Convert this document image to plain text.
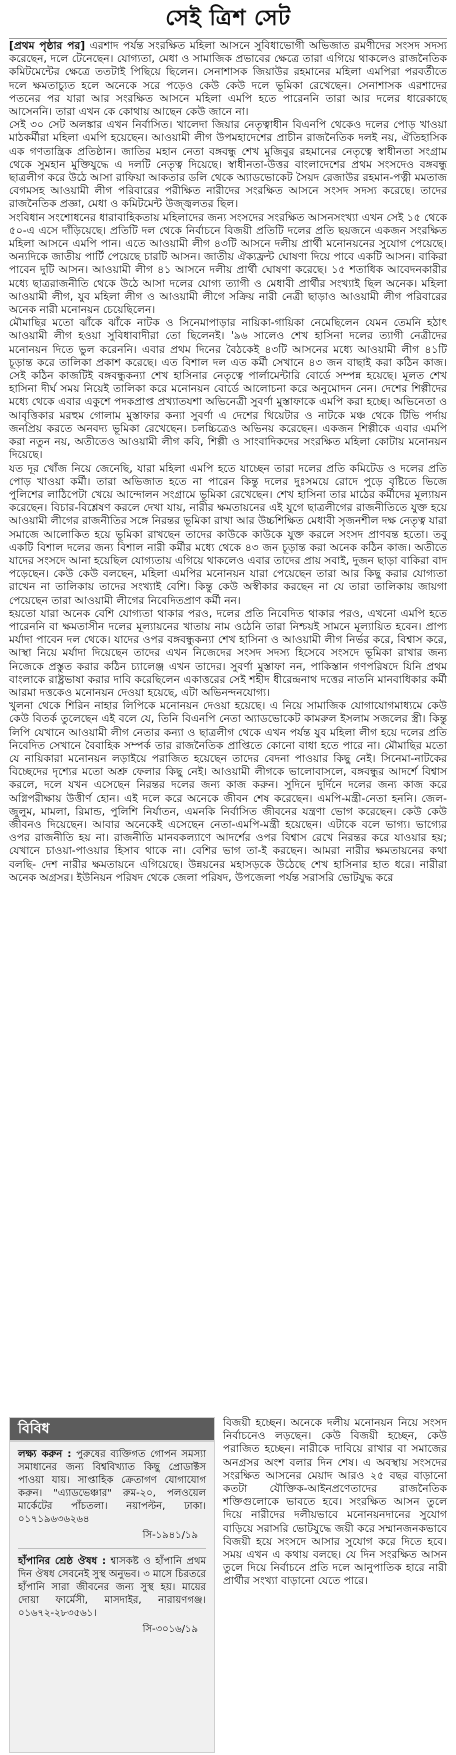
সেই ত্রিশ সেট

[প্রথম পৃষ্ঠার পর] এরশাদ পর্যন্ত সংরক্ষিত মহিলা আসনে সুবিধাভোগী অভিজাত রমণীদের সংসদ সদস্য করেছেন, দলে টেনেছেন। যোগ্যতা, মেধা ও সামাজিক প্রভাবের ক্ষেত্রে তারা এগিয়ে থাকলেও রাজনৈতিক কমিটমেন্টের ক্ষেত্রে ততটাই পিছিয়ে ছিলেন। সেনাশাসক জিয়াউর রহমানের মহিলা এমপিরা পরবর্তীতে দলে ক্ষমতাচ্যুত হলে অনেকে সরে পড়েও কেউ কেউ দলে ভূমিকা রেখেছেন। সেনাশাসক এরশাদের পতনের পর যারা আর সংরক্ষিত আসনে মহিলা এমপি হতে পারেননি তারা আর দলের ধারেকাছে আসেননি। তারা এখন কে কোথায় আছেন কেউ জানে না।

সেই ৩০ সেট অলঙ্কার এখন নির্বাসিত। খালেদা জিয়ার নেতৃত্বাধীন বিএনপি থেকেও দলের পোড় খাওয়া মাঠকর্মীরা মহিলা এমপি হয়েছেন। আওয়ামী লীগ উপমহাদেশের প্রাচীন রাজনৈতিক দলই নয়, ঐতিহাসিক এক গণতান্ত্রিক প্রতিষ্ঠান। জাতির মহান নেতা বঙ্গবন্ধু শেখ মুজিবুর রহমানের নেতৃত্বে স্বাধীনতা সংগ্রাম থেকে সুমহান মুক্তিযুদ্ধে এ দলটি নেতৃত্ব দিয়েছে। স্বাধীনতা-উত্তর বাংলাদেশের প্রথম সংসদেও বঙ্গবন্ধু ছাত্রলীগ করে উঠে আসা রাফিয়া আকতার ডলি থেকে অ্যাডভোকেট সৈয়দ রেজাউর রহমান-পত্নী মমতাজ বেগমসহ আওয়ামী লীগ পরিবারের পরীক্ষিত নারীদের সংরক্ষিত আসনে সংসদ সদস্য করেছে। তাদের রাজনৈতিক প্রজ্ঞা, মেধা ও কমিটমেন্ট উজ্জ্বলতর ছিল।

সংবিধান সংশোধনের ধারাবাহিকতায় মহিলাদের জন্য সংসদের সংরক্ষিত আসনসংখ্যা এখন সেই ১৫ থেকে ৫০-এ এসে দাঁড়িয়েছে। প্রতিটি দল থেকে নির্বাচনে বিজয়ী প্রতিটি দলের প্রতি ছয়জনে একজন সংরক্ষিত মহিলা আসনে এমপি পান। এতে আওয়ামী লীগ ৪৩টি আসনে দলীয় প্রার্থী মনোনয়নের সুযোগ পেয়েছে। অন্যদিকে জাতীয় পার্টি পেয়েছে চারটি আসন। জাতীয় ঐক্যফ্রন্ট ঘোষণা দিয়ে পাবে একটি আসন। বাকিরা পাবেন দুটি আসন। আওয়ামী লীগ ৪১ আসনে দলীয় প্রার্থী ঘোষণা করেছে। ১৫ শতাধিক আবেদনকারীর মধ্যে ছাত্ররাজনীতি থেকে উঠে আসা দলের যোগ্য ত্যাগী ও মেধাবী প্রার্থীর সংখ্যাই ছিল অনেক। মহিলা আওয়ামী লীগ, যুব মহিলা লীগ ও আওয়ামী লীগে সক্রিয় নারী নেত্রী ছাড়াও আওয়ামী লীগ পরিবারের অনেক নারী মনোনয়ন চেয়েছিলেন।

মৌমাছির মতো ঝাঁকে ঝাঁকে নাটক ও সিনেমাপাড়ার নায়িকা-গায়িকা নেমেছিলেন যেমন তেমনি হঠাৎ আওয়ামী লীগ হওয়া সুবিধাবাদীরা তো ছিলেনই। '৯৬ সালেও শেখ হাসিনা দলের ত্যাগী নেত্রীদের মনোনয়ন দিতে ভুল করেননি। এবার প্রথম দিনের বৈঠকেই ৪৩টি আসনের মধ্যে আওয়ামী লীগ ৪১টি চূড়ান্ত করে তালিকা প্রকাশ করেছে। এত বিশাল দল এত কর্মী সেখানে ৪৩ জন বাছাই করা কঠিন কাজ। সেই কঠিন কাজটিই বঙ্গবন্ধুকন্যা শেখ হাসিনার নেতৃত্বে পার্লামেন্টারি বোর্ডে সম্পন্ন হয়েছে। মূলত শেখ হাসিনা দীর্ঘ সময় নিয়েই তালিকা করে মনোনয়ন বোর্ডে আলোচনা করে অনুমোদন নেন। দেশের শিল্পীদের মধ্যে থেকে এবার একুশে পদকপ্রাপ্ত প্রখ্যাতযশা অভিনেত্রী সুবর্ণা মুস্তাফাকে এমপি করা হচ্ছে। অভিনেতা ও আবৃত্তিকার মরহুম গোলাম মুস্তাফার কন্যা সুবর্ণা এ দেশের থিয়েটার ও নাটকে মঞ্চ থেকে টিভি পর্দায় জনপ্রিয় করতে অনবদ্য ভূমিকা রেখেছেন। চলচ্চিত্রেও অভিনয় করেছেন। একজন শিল্পীকে এবার এমপি করা নতুন নয়, অতীতেও আওয়ামী লীগ কবি, শিল্পী ও সাংবাদিকদের সংরক্ষিত মহিলা কোটায় মনোনয়ন দিয়েছে।

যত দূর খোঁজ নিয়ে জেনেছি, যারা মহিলা এমপি হতে যাচ্ছেন তারা দলের প্রতি কমিটেড ও দলের প্রতি পোড় খাওয়া কর্মী। তারা অভিজাত হতে না পারেন কিন্তু দলের দুঃসময়ে রোদে পুড়ে বৃষ্টিতে ভিজে পুলিশের লাঠিপেটা খেয়ে আন্দোলন সংগ্রামে ভূমিকা রেখেছেন। শেখ হাসিনা তার মাঠের কর্মীদের মূল্যায়ন করেছেন। বিচার-বিশ্লেষণ করলে দেখা যায়, নারীর ক্ষমতায়নের এই যুগে ছাত্রলীগের রাজনীতিতে যুক্ত হয়ে আওয়ামী লীগের রাজনীতির সঙ্গে নিরন্তর ভূমিকা রাখা আর উচ্চশিক্ষিত মেধাবী সৃজনশীল দক্ষ নেতৃত্ব যারা সমাজে আলোকিত হয়ে ভূমিকা রাখছেন তাদের কাউকে কাউকে যুক্ত করলে সংসদ প্রাণবন্ত হতো। তবু একটি বিশাল দলের জন্য বিশাল নারী কর্মীর মধ্যে থেকে ৪৩ জন চূড়ান্ত করা অনেক কঠিন কাজ। অতীতে যাদের সংসদে আনা হয়েছিল যোগ্যতায় এগিয়ে থাকলেও এবার তাদের প্রায় সবাই, দুজন ছাড়া বাকিরা বাদ পড়েছেন। কেউ কেউ বলছেন, মহিলা এমপির মনোনয়ন যারা পেয়েছেন তারা আর কিছু করার যোগ্যতা রাখেন না তালিকায় তাদের সংখ্যাই বেশি। কিন্তু কেউ অস্বীকার করছেন না যে তারা তালিকায় জায়গা পেয়েছেন তারা আওয়ামী লীগের নিবেদিতপ্রাণ কর্মী নন।

হয়তো যারা অনেক বেশি যোগ্যতা থাকার পরও, দলের প্রতি নিবেদিত থাকার পরও, এখনো এমপি হতে পারেননি বা ক্ষমতাসীন দলের মূল্যায়নের খাতায় নাম ওঠেনি তারা নিশ্চয়ই সামনে মূল্যায়িত হবেন। প্রাপ্য মর্যাদা পাবেন দল থেকে। যাদের ওপর বঙ্গবন্ধুকন্যা শেখ হাসিনা ও আওয়ামী লীগ নির্ভর করে, বিশ্বাস করে, আস্থা নিয়ে মর্যাদা দিয়েছেন তাদের এখন নিজেদের সংসদ সদস্য হিসেবে সংসদে ভূমিকা রাখার জন্য নিজেকে প্রস্তুত করার কঠিন চ্যালেঞ্জ এখন তাদের। সুবর্ণা মুস্তাফা নন, পাকিস্তান গণপরিষদে যিনি প্রথম বাংলাকে রাষ্ট্রভাষা করার দাবি করেছিলেন একাত্তরের সেই শহীদ ধীরেন্দ্রনাথ দত্তের নাতনি মানবাধিকার কর্মী আরমা দত্তকেও মনোনয়ন দেওয়া হয়েছে, এটা অভিনন্দনযোগ্য।

খুলনা থেকে শিরিন নাহার লিপিকে মনোনয়ন দেওয়া হয়েছে। এ নিয়ে সামাজিক যোগাযোগমাধ্যমে কেউ কেউ বিতর্ক তুলেছেন এই বলে যে, তিনি বিএনপি নেতা অ্যাডভোকেট কামরুল ইসলাম সজলের স্ত্রী। কিন্তু লিপি যেখানে আওয়ামী লীগ নেতার কন্যা ও ছাত্রলীগ থেকে এখন পর্যন্ত যুব মহিলা লীগ হয়ে দলের প্রতি নিবেদিত সেখানে বৈবাহিক সম্পর্ক তার রাজনৈতিক প্রাপ্তিতে কোনো বাধা হতে পারে না। মৌমাছির মতো যে নায়িকারা মনোনয়ন লড়াইয়ে পরাজিত হয়েছেন তাদের বেদনা পাওয়ার কিছু নেই। সিনেমা-নাটকের বিচ্ছেদের দৃশ্যের মতো অশ্রু ফেলার কিছু নেই। আওয়ামী লীগকে ভালোবাসলে, বঙ্গবন্ধুর আদর্শে বিশ্বাস করলে, দলে যখন এসেছেন নিরন্তর দলের জন্য কাজ করুন। সুদিনে দুর্দিনে দলের জন্য কাজ করে অগ্নিপরীক্ষায় উত্তীর্ণ হোন। এই দলে করে অনেকে জীবন শেষ করেছেন। এমপি-মন্ত্রী-নেতা হননি। জেল-জুলুম, মামলা, রিমান্ড, পুলিশি নির্যাতন, এমনকি নির্বাসিত জীবনের যন্ত্রণা ভোগ করেছেন। কেউ কেউ জীবনও দিয়েছেন। আবার অনেকেই এসেছেন নেতা-এমপি-মন্ত্রী হয়েছেন। এটাকে বলে ভাগ্য। ভাগ্যের ওপর রাজনীতি হয় না। রাজনীতি মানবকল্যাণে আদর্শের ওপর বিশ্বাস রেখে নিরন্তর করে যাওয়ার হয়; যেখানে চাওয়া-পাওয়ার হিসাব থাকে না। বেশির ভাগ তা-ই করছেন। আমরা নারীর ক্ষমতায়নের কথা বলছি- দেশ নারীর ক্ষমতায়নে এগিয়েছে। উন্নয়নের মহাসড়কে উঠেছে শেখ হাসিনার হাত ধরে। নারীরা অনেক অগ্রসর। ইউনিয়ন পরিষদ থেকে জেলা পরিষদ, উপজেলা পর্যন্ত সরাসরি ভোটযুদ্ধ করে

বিবিধ
লক্ষ্য করুন : পুরুষের ব্যক্তিগত গোপন সমস্যা সমাধানের জন্য বিশ্ববিখ্যাত কিছু প্রোডাক্টস পাওয়া যায়। সাপ্তাহিক ক্রেতাগণ যোগাযোগ করুন। "এ্যাডভেঞ্চার" রুম-২০, পলওয়েল মার্কেটের পাঁচতলা। নয়াপল্টন, ঢাকা। ০১৭১৯৬৩৬২৬৪
সি-১৯৪১/১৯
হাঁপানির শ্রেষ্ঠ ঔষধ : শ্বাসকষ্ট ও হাঁপানি প্রথম দিন ঔষধ সেবনেই সুস্থ অনুভব। ৩ মাসে চিরতরে হাঁপানি সারা জীবনের জন্য সুস্থ হয়। মায়ের দোয়া ফার্মেসী, মাসদাইর, নারায়ণগঞ্জ। ০১৬৭২-২৮৩৫৬১।
সি-৩০১৬/১৯
বিজয়ী হচ্ছেন। অনেকে দলীয় মনোনয়ন নিয়ে সংসদ নির্বাচনেও লড়ছেন। কেউ বিজয়ী হচ্ছেন, কেউ পরাজিত হচ্ছেন। নারীকে দাবিয়ে রাখার বা সমাজের অনগ্রসর অংশ বলার দিন শেষ। এ অবস্থায় সংসদের সংরক্ষিত আসনের মেয়াদ আরও ২৫ বছর বাড়ানো কতটা যৌক্তিক-আইনপ্রণেতাদের রাজনৈতিক শক্তিগুলোকে ভাবতে হবে। সংরক্ষিত আসন তুলে দিয়ে নারীদের দলীয়ভাবে মনোনয়নদানের সুযোগ বাড়িয়ে সরাসরি ভোটযুদ্ধে জয়ী করে সম্মানজনকভাবে বিজয়ী হয়ে সংসদে আসার সুযোগ করে দিতে হবে। সময় এখন এ কথায় বলছে। যে দিন সংরক্ষিত আসন তুলে দিয়ে নির্বাচনে প্রতি দলে আনুপাতিক হারে নারী প্রার্থীর সংখ্যা বাড়ানো যেতে পারে।
